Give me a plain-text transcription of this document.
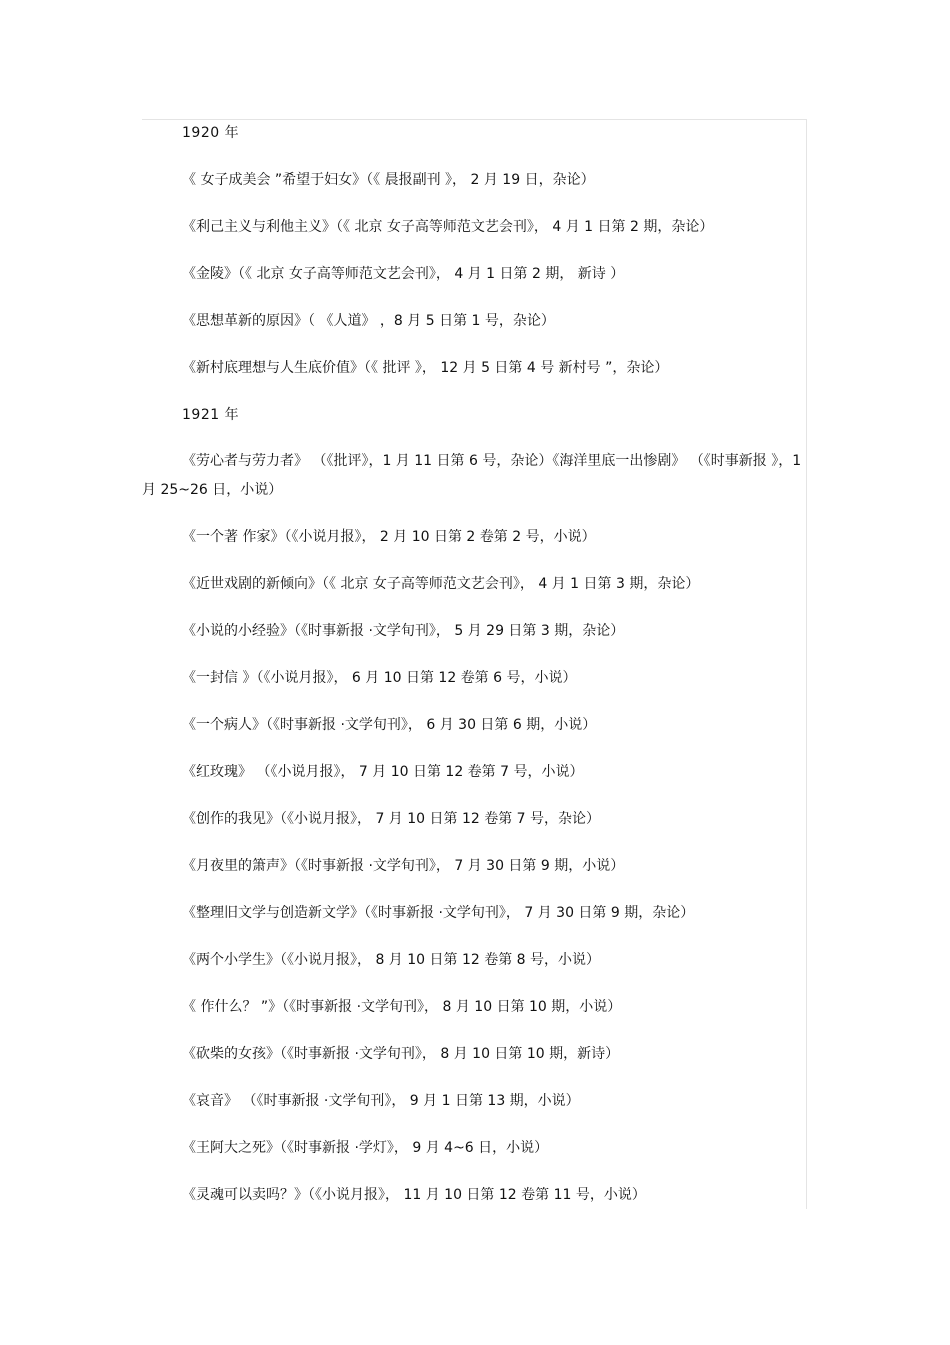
1920 年

《 女子成美会 ”希望于妇女》（《 晨报副刊 》， 2 月 19 日，杂论）

《利己主义与利他主义》（《 北京 女子高等师范文艺会刊》， 4 月 1 日第 2 期，杂论）

《金陵》（《 北京 女子高等师范文艺会刊》， 4 月 1 日第 2 期， 新诗 ）

《思想革新的原因》（ 《人道》 ，8 月 5 日第 1 号，杂论）

《新村底理想与人生底价值》（《 批评 》， 12 月 5 日第 4 号 新村号 ”，杂论）

1921 年

《劳心者与劳力者》 （《批评》，1 月 11 日第 6 号，杂论）《海洋里底一出惨剧》 （《时事新报 》，1 月 25~26 日，小说）

《一个著 作家》（《小说月报》， 2 月 10 日第 2 卷第 2 号，小说）

《近世戏剧的新倾向》（《 北京 女子高等师范文艺会刊》， 4 月 1 日第 3 期，杂论）

《小说的小经验》（《时事新报 ·文学旬刊》， 5 月 29 日第 3 期，杂论）

《一封信 》（《小说月报》， 6 月 10 日第 12 卷第 6 号，小说）

《一个病人》（《时事新报 ·文学旬刊》， 6 月 30 日第 6 期，小说）

《红玫瑰》 （《小说月报》， 7 月 10 日第 12 卷第 7 号，小说）

《创作的我见》（《小说月报》， 7 月 10 日第 12 卷第 7 号，杂论）

《月夜里的箫声》（《时事新报 ·文学旬刊》， 7 月 30 日第 9 期，小说）

《整理旧文学与创造新文学》（《时事新报 ·文学旬刊》， 7 月 30 日第 9 期，杂论）

《两个小学生》（《小说月报》， 8 月 10 日第 12 卷第 8 号，小说）

《 作什么？ ”》（《时事新报 ·文学旬刊》， 8 月 10 日第 10 期，小说）

《砍柴的女孩》（《时事新报 ·文学旬刊》， 8 月 10 日第 10 期，新诗）

《哀音》 （《时事新报 ·文学旬刊》， 9 月 1 日第 13 期，小说）

《王阿大之死》（《时事新报 ·学灯》， 9 月 4~6 日，小说）

《灵魂可以卖吗？》（《小说月报》， 11 月 10 日第 12 卷第 11 号，小说）
